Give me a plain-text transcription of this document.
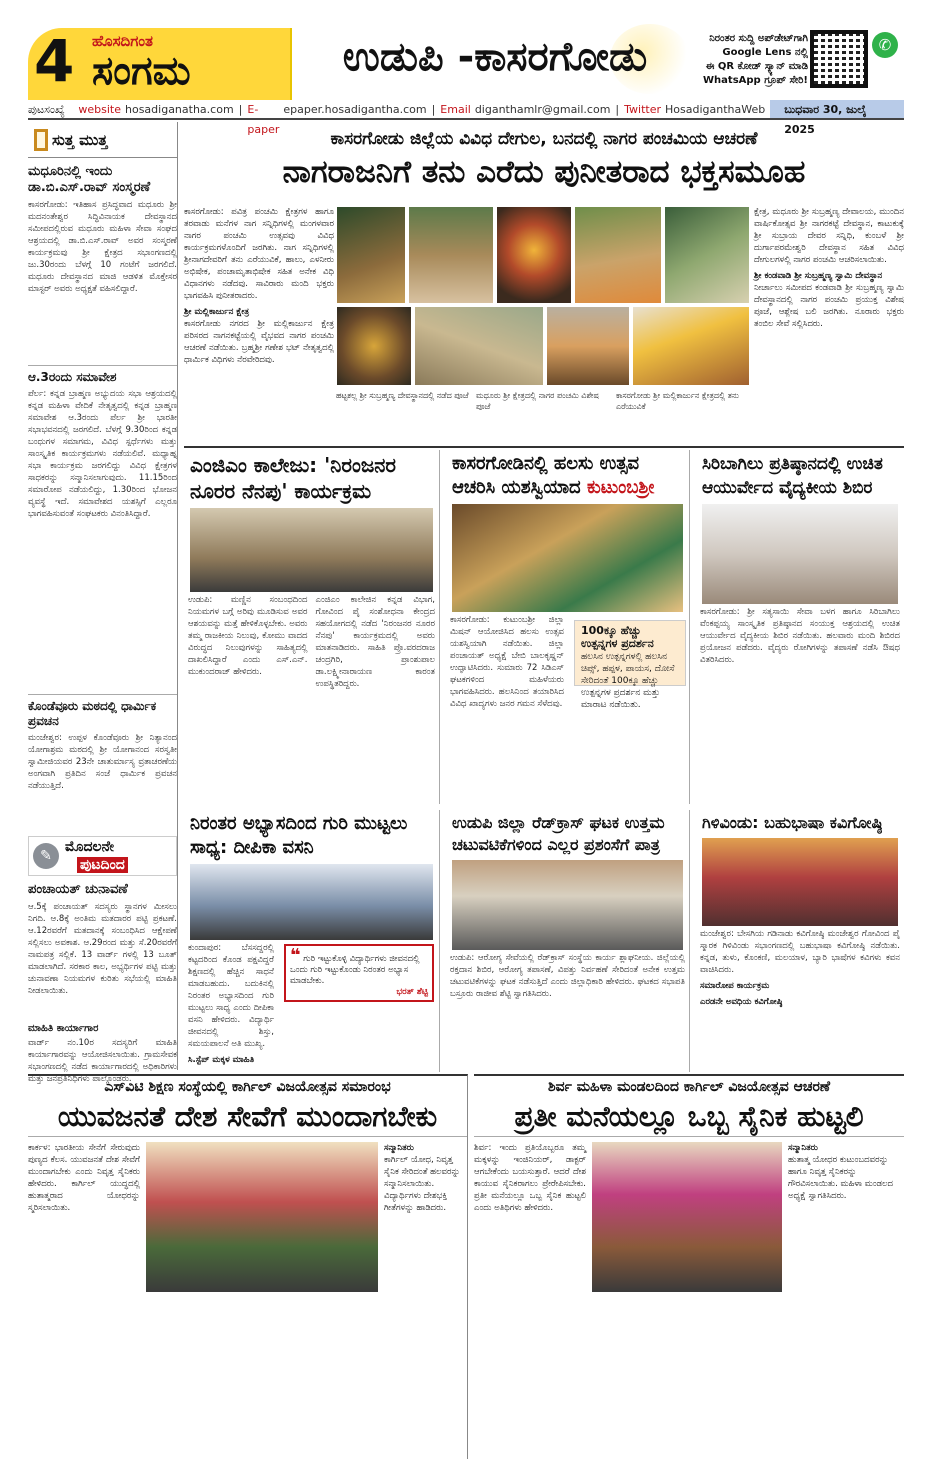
4 ಹೊಸದಿಗಂತ
ಸಂಗಮ	ಉಡುಪಿ -ಕಾಸರಗೋಡು	ನಿರಂತರ ಸುದ್ದಿ ಅಪ್‌ಡೇಟ್‌ಗಾಗಿ
Google Lens ನಲ್ಲಿ
ಈ QR ಕೋಡ್ ಸ್ಕ್ಯಾನ್ ಮಾಡಿ
WhatsApp ಗ್ರೂಪ್ ಸೇರಿ!
✆
ಪುಟಸಂಖ್ಯೆ	website hosadiganatha.com | E-paper
epaper.hosadigantha.com | Email diganthamlr@gmail.com | Twitter HosadiganthaWeb	ಬುಧವಾರ 30, ಜುಲೈ 2025
ಸುತ್ತ ಮುತ್ತ
ಮಧೂರಿನಲ್ಲಿ ಇಂದು ಡಾ.ಬಿ.ಎಸ್.ರಾವ್ ಸಂಸ್ಮರಣೆ
ಕಾಸರಗೋಡು: ಇತಿಹಾಸ ಪ್ರಸಿದ್ಧವಾದ ಮಧೂರು ಶ್ರೀ ಮದನಂತೇಶ್ವರ ಸಿದ್ಧಿವಿನಾಯಕ ದೇವಸ್ಥಾನದ ಸಮೀಪದಲ್ಲಿರುವ ಮಧೂರು ಮಹಿಳಾ ಸೇವಾ ಸಂಘದ ಆಶ್ರಯದಲ್ಲಿ ಡಾ.ಬಿ.ಎಸ್.ರಾವ್ ಅವರ ಸಂಸ್ಮರಣೆ ಕಾರ್ಯಕ್ರಮವು ಶ್ರೀ ಕ್ಷೇತ್ರದ ಸಭಾಂಗಣದಲ್ಲಿ ಜು.30ರಂದು ಬೆಳಗ್ಗೆ 10 ಗಂಟೆಗೆ ಜರಗಲಿದೆ. ಮಧೂರು ದೇವಸ್ಥಾನದ ಮಾಜಿ ಆಡಳಿತ ಮೊಕ್ತೇಸರ ಮಾಸ್ಟರ್ ಅವರು ಅಧ್ಯಕ್ಷತೆ ವಹಿಸಲಿದ್ದಾರೆ.
ಆ.3ರಂದು ಸಮಾವೇಶ
ಪೆರ್ಲ: ಕನ್ನಡ ಬ್ರಾಹ್ಮಣ ಅಭ್ಯುದಯ ಸಭಾ ಆಶ್ರಯದಲ್ಲಿ ಕನ್ನಡ ಮಹಿಳಾ ವೇದಿಕೆ ನೇತೃತ್ವದಲ್ಲಿ ಕನ್ನಡ ಬ್ರಾಹ್ಮಣ ಸಮಾವೇಶ ಆ.3ರಂದು ಪೆರ್ಲ ಶ್ರೀ ಭಾರತೀ ಸಭಾಭವನದಲ್ಲಿ ಜರಗಲಿದೆ. ಬೆಳಗ್ಗೆ 9.30ರಿಂದ ಕನ್ನಡ ಬಂಧುಗಳ ಸಮಾಗಮ, ವಿವಿಧ ಸ್ಪರ್ಧೆಗಳು ಮತ್ತು ಸಾಂಸ್ಕೃತಿಕ ಕಾರ್ಯಕ್ರಮಗಳು ನಡೆಯಲಿವೆ. ಮಧ್ಯಾಹ್ನ ಸಭಾ ಕಾರ್ಯಕ್ರಮ ಜರಗಲಿದ್ದು ವಿವಿಧ ಕ್ಷೇತ್ರಗಳ ಸಾಧಕರನ್ನು ಸನ್ಮಾನಿಸಲಾಗುವುದು. 11.15ರಿಂದ ಸಮಾರೋಪ ನಡೆಯಲಿದ್ದು, 1.30ರಿಂದ ಭೋಜನ ವ್ಯವಸ್ಥೆ ಇದೆ. ಸಮಾವೇಶದ ಯಶಸ್ಸಿಗೆ ಎಲ್ಲರೂ ಭಾಗವಹಿಸುವಂತೆ ಸಂಘಟಕರು ವಿನಂತಿಸಿದ್ದಾರೆ.
ಕೊಂಡೆವೂರು ಮಠದಲ್ಲಿ ಧಾರ್ಮಿಕ ಪ್ರವಚನ
ಮಂಜೇಶ್ವರ: ಉಪ್ಪಳ ಕೊಂಡೆವೂರು ಶ್ರೀ ನಿತ್ಯಾನಂದ ಯೋಗಾಶ್ರಮ ಮಠದಲ್ಲಿ ಶ್ರೀ ಯೋಗಾನಂದ ಸರಸ್ವತೀ ಸ್ವಾಮೀಜಿಯವರ 23ನೇ ಚಾತುರ್ಮಾಸ್ಯ ವ್ರತಾಚರಣೆಯ ಅಂಗವಾಗಿ ಪ್ರತಿದಿನ ಸಂಜೆ ಧಾರ್ಮಿಕ ಪ್ರವಚನ ನಡೆಯುತ್ತಿದೆ.
✎
ಮೊದಲನೇ
ಪುಟದಿಂದ
ಪಂಚಾಯತ್ ಚುನಾವಣೆ
ಆ.5ಕ್ಕೆ ಪಂಚಾಯತ್ ಸದಸ್ಯರು ಸ್ಥಾನಗಳ ಮೀಸಲು ನಿಗದಿ. ಆ.8ಕ್ಕೆ ಅಂತಿಮ ಮತದಾರರ ಪಟ್ಟಿ ಪ್ರಕಟಣೆ. ಆ.12ರವರೆಗೆ ಮತದಾನಕ್ಕೆ ಸಂಬಂಧಿಸಿದ ಆಕ್ಷೇಪಣೆ ಸಲ್ಲಿಸಲು ಅವಕಾಶ. ಆ.29ರಂದ ಮತ್ತು ಸೆ.20ರವರೆಗೆ ನಾಮಪತ್ರ ಸಲ್ಲಿಕೆ. 13 ವಾರ್ಡ್ ಗಳಲ್ಲಿ 13 ಬೂತ್ ಮಾಡಲಾಗಿದೆ. ಸರಕಾರ ಕಾಲ, ಅಭ್ಯರ್ಥಿಗಳ ಪಟ್ಟಿ ಮತ್ತು ಚುನಾವಣಾ ನಿಯಮಗಳ ಕುರಿತು ಸಭೆಯಲ್ಲಿ ಮಾಹಿತಿ ನೀಡಲಾಯಿತು.
ಮಾಹಿತಿ ಕಾರ್ಯಾಗಾರ
ವಾರ್ಡ್ ನಂ.10ರ ಸದಸ್ಯರಿಗೆ ಮಾಹಿತಿ ಕಾರ್ಯಾಗಾರವನ್ನು ಆಯೋಜಿಸಲಾಯಿತು. ಗ್ರಾಮಸೇವಕ ಸಭಾಂಗಣದಲ್ಲಿ ನಡೆದ ಕಾರ್ಯಾಗಾರದಲ್ಲಿ ಅಧಿಕಾರಿಗಳು ಮತ್ತು ಜನಪ್ರತಿನಿಧಿಗಳು ಪಾಲ್ಗೊಂಡರು.
ಕಾಸರಗೋಡು ಜಿಲ್ಲೆಯ ವಿವಿಧ ದೇಗುಲ, ಬನದಲ್ಲಿ ನಾಗರ ಪಂಚಮಿಯ ಆಚರಣೆ
ನಾಗರಾಜನಿಗೆ ತನು ಎರೆದು ಪುನೀತರಾದ ಭಕ್ತಸಮೂಹ
ಕಾಸರಗೋಡು: ಪವಿತ್ರ ಪಂಚಮಿ ಕ್ಷೇತ್ರಗಳ ಹಾಗೂ ತರವಾಡು ಮನೆಗಳ ನಾಗ ಸನ್ನಿಧಿಗಳಲ್ಲಿ ಮಂಗಳವಾರ ನಾಗರ ಪಂಚಮಿ ಉತ್ಸವವು ವಿವಿಧ ಕಾರ್ಯಕ್ರಮಗಳೊಂದಿಗೆ ಜರಗಿತು. ನಾಗ ಸನ್ನಿಧಿಗಳಲ್ಲಿ ಶ್ರೀನಾಗದೇವರಿಗೆ ತನು ಎರೆಯುವಿಕೆ, ಹಾಲು, ಎಳನೀರು ಅಭಿಷೇಕ, ಪಂಚಾಮೃತಾಭಿಷೇಕ ಸಹಿತ ಅನೇಕ ವಿಧಿ ವಿಧಾನಗಳು ನಡೆದವು. ಸಾವಿರಾರು ಮಂದಿ ಭಕ್ತರು ಭಾಗವಹಿಸಿ ಪುನೀತರಾದರು.
ಶ್ರೀ ಮಲ್ಲಿಕಾರ್ಜುನ ಕ್ಷೇತ್ರ
ಕಾಸರಗೋಡು ನಗರದ ಶ್ರೀ ಮಲ್ಲಿಕಾರ್ಜುನ ಕ್ಷೇತ್ರ ಪರಿಸರದ ನಾಗನಕಟ್ಟೆಯಲ್ಲಿ ವೈಭವದ ನಾಗರ ಪಂಚಮಿ ಆಚರಣೆ ನಡೆಯಿತು. ಬ್ರಹ್ಮಶ್ರೀ ಗಣೇಶ ಭಟ್ ನೇತೃತ್ವದಲ್ಲಿ ಧಾರ್ಮಿಕ ವಿಧಿಗಳು ನೆರವೇರಿದವು.
ಹಟ್ಟಕಲ್ಲ ಶ್ರೀ ಸುಬ್ರಹ್ಮಣ್ಯ ದೇವಸ್ಥಾನದಲ್ಲಿ ನಡೆದ ಪೂಜೆ ಮಧೂರು ಶ್ರೀ ಕ್ಷೇತ್ರದಲ್ಲಿ ನಾಗರ ಪಂಚಮಿ ವಿಶೇಷ ಪೂಜೆ
ಕಾಸರಗೋಡು ಶ್ರೀ ಮಲ್ಲಿಕಾರ್ಜುನ ಕ್ಷೇತ್ರದಲ್ಲಿ ತನು ಎರೆಯುವಿಕೆ
ಕ್ಷೇತ್ರ, ಮಧೂರು ಶ್ರೀ ಸುಬ್ರಹ್ಮಣ್ಯ ದೇವಾಲಯ, ಮುಂದಿನ ವಾರ್ಷಿಕೋತ್ಸವ ಶ್ರೀ ನಾಗರಕಟ್ಟೆ ದೇವಸ್ಥಾನ, ಕಾಟುಕುಕ್ಕೆ ಶ್ರೀ ಸುಬ್ರಾಯ ದೇವರ ಸನ್ನಿಧಿ, ಕುಂಬಳೆ ಶ್ರೀ ದುರ್ಗಾಪರಮೇಶ್ವರಿ ದೇವಸ್ಥಾನ ಸಹಿತ ವಿವಿಧ ದೇಗುಲಗಳಲ್ಲಿ ನಾಗರ ಪಂಚಮಿ ಆಚರಿಸಲಾಯಿತು.
ಶ್ರೀ ಕಂಡವಾಡಿ ಶ್ರೀ ಸುಬ್ರಹ್ಮಣ್ಯ ಸ್ವಾಮಿ ದೇವಸ್ಥಾನ
ನೀರ್ಚಾಲು ಸಮೀಪದ ಕಂಡವಾಡಿ ಶ್ರೀ ಸುಬ್ರಹ್ಮಣ್ಯ ಸ್ವಾಮಿ ದೇವಸ್ಥಾನದಲ್ಲಿ ನಾಗರ ಪಂಚಮಿ ಪ್ರಯುಕ್ತ ವಿಶೇಷ ಪೂಜೆ, ಆಶ್ಲೇಷ ಬಲಿ ಜರಗಿತು. ನೂರಾರು ಭಕ್ತರು ತಂಬಿಲ ಸೇವೆ ಸಲ್ಲಿಸಿದರು.
ಎಂಜಿಎಂ ಕಾಲೇಜು: 'ನಿರಂಜನರ ನೂರರ ನೆನಪು' ಕಾರ್ಯಕ್ರಮ
ಉಡುಪಿ: ಮಣ್ಣಿನ ಸಂಬಂಧದಿಂದ ನಿಯಮಗಳ ಬಗ್ಗೆ ಅರಿವು ಮೂಡಿಸುವ ಅವರ ಆಶಯವನ್ನು ಮತ್ತೆ ಹೇಳಿಕೊಳ್ಳಬೇಕು. ಅವರು ತಮ್ಮ ರಾಜಕೀಯ ನಿಲುವು, ಕೋಮು ವಾದದ ವಿರುದ್ಧದ ನಿಲುವುಗಳನ್ನು ಸಾಹಿತ್ಯದಲ್ಲಿ ದಾಖಲಿಸಿದ್ದಾರೆ ಎಂದು ಎಸ್.ಎನ್. ಮುಕುಂದರಾಜ್ ಹೇಳಿದರು.
ಎಂಜಿಎಂ ಕಾಲೇಜಿನ ಕನ್ನಡ ವಿಭಾಗ, ಗೋವಿಂದ ಪೈ ಸಂಶೋಧನಾ ಕೇಂದ್ರದ ಸಹಯೋಗದಲ್ಲಿ ನಡೆದ 'ನಿರಂಜನರ ನೂರರ ನೆನಪು' ಕಾರ್ಯಕ್ರಮದಲ್ಲಿ ಅವರು ಮಾತನಾಡಿದರು. ಸಾಹಿತಿ ಪ್ರೊ.ವರದರಾಜ ಚಂದ್ರಗಿರಿ, ಪ್ರಾಂಶುಪಾಲ ಡಾ.ಲಕ್ಷ್ಮೀನಾರಾಯಣ ಕಾರಂತ ಉಪಸ್ಥಿತರಿದ್ದರು.
ಕಾಸರಗೋಡಿನಲ್ಲಿ ಹಲಸು ಉತ್ಸವ
ಆಚರಿಸಿ ಯಶಸ್ವಿಯಾದ ಕುಟುಂಬಶ್ರೀ
100ಕ್ಕೂ ಹೆಚ್ಚು ಉತ್ಪನ್ನಗಳ ಪ್ರದರ್ಶನ
ಹಲಸಿನ ಉತ್ಪನ್ನಗಳಲ್ಲಿ ಹಲಸಿನ ಚಿಪ್ಸ್, ಹಪ್ಪಳ, ಪಾಯಸ, ದೋಸೆ ಸೇರಿದಂತೆ 100ಕ್ಕೂ ಹೆಚ್ಚು ಉತ್ಪನ್ನಗಳ ಪ್ರದರ್ಶನ ಮತ್ತು ಮಾರಾಟ ನಡೆಯಿತು.
ಕಾಸರಗೋಡು: ಕುಟುಂಬಶ್ರೀ ಜಿಲ್ಲಾ ಮಿಷನ್ ಆಯೋಜಿಸಿದ ಹಲಸು ಉತ್ಸವ ಯಶಸ್ವಿಯಾಗಿ ನಡೆಯಿತು. ಜಿಲ್ಲಾ ಪಂಚಾಯತ್ ಅಧ್ಯಕ್ಷೆ ಬೇಬಿ ಬಾಲಕೃಷ್ಣನ್ ಉದ್ಘಾಟಿಸಿದರು. ಸುಮಾರು 72 ಸಿಡಿಎಸ್ ಘಟಕಗಳಿಂದ ಮಹಿಳೆಯರು ಭಾಗವಹಿಸಿದರು. ಹಲಸಿನಿಂದ ತಯಾರಿಸಿದ ವಿವಿಧ ಖಾದ್ಯಗಳು ಜನರ ಗಮನ ಸೆಳೆದವು.
ಸಿರಿಬಾಗಿಲು ಪ್ರತಿಷ್ಠಾನದಲ್ಲಿ ಉಚಿತ ಆಯುರ್ವೇದ ವೈದ್ಯಕೀಯ ಶಿಬಿರ
ಕಾಸರಗೋಡು: ಶ್ರೀ ಸತ್ಯಸಾಯಿ ಸೇವಾ ಬಳಗ ಹಾಗೂ ಸಿರಿಬಾಗಿಲು ವೆಂಕಪ್ಪಯ್ಯ ಸಾಂಸ್ಕೃತಿಕ ಪ್ರತಿಷ್ಠಾನದ ಸಂಯುಕ್ತ ಆಶ್ರಯದಲ್ಲಿ ಉಚಿತ ಆಯುರ್ವೇದ ವೈದ್ಯಕೀಯ ಶಿಬಿರ ನಡೆಯಿತು. ಹಲವಾರು ಮಂದಿ ಶಿಬಿರದ ಪ್ರಯೋಜನ ಪಡೆದರು. ವೈದ್ಯರು ರೋಗಿಗಳನ್ನು ತಪಾಸಣೆ ನಡೆಸಿ ಔಷಧ ವಿತರಿಸಿದರು.
ನಿರಂತರ ಅಭ್ಯಾಸದಿಂದ ಗುರಿ ಮುಟ್ಟಲು ಸಾಧ್ಯ: ದೀಪಿಕಾ ವಸನಿ
❝ ಗುರಿ ಇಟ್ಟುಕೊಳ್ಳಿ ವಿದ್ಯಾರ್ಥಿಗಳು ಜೀವನದಲ್ಲಿ ಒಂದು ಗುರಿ ಇಟ್ಟುಕೊಂಡು ನಿರಂತರ ಅಭ್ಯಾಸ ಮಾಡಬೇಕು.
ಭರತ್ ಶೆಟ್ಟಿ
ಕುಂದಾಪುರ: ಬೆಸಸದ್ದರಲ್ಲಿ ಕಟ್ಟದರಿಂದ ಕೊಂಡ ಪಕ್ಷವಿದ್ದರೆ ಶಿಕ್ಷಣದಲ್ಲಿ ಹೆಚ್ಚಿನ ಸಾಧನೆ ಮಾಡಬಹುದು. ಬದುಕಿನಲ್ಲಿ ನಿರಂತರ ಅಭ್ಯಾಸದಿಂದ ಗುರಿ ಮುಟ್ಟಲು ಸಾಧ್ಯ ಎಂದು ದೀಪಿಕಾ ವಸನಿ ಹೇಳಿದರು. ವಿದ್ಯಾರ್ಥಿ ಜೀವನದಲ್ಲಿ ಶಿಸ್ತು, ಸಮಯಪಾಲನೆ ಅತಿ ಮುಖ್ಯ.
ಸಿ.ಸ್ಟೆಪ್ ಮಕ್ಕಳ ಮಾಹಿತಿ
ಉಡುಪಿ ಜಿಲ್ಲಾ ರೆಡ್‌ಕ್ರಾಸ್ ಘಟಕ ಉತ್ತಮ ಚಟುವಟಿಕೆಗಳಿಂದ ಎಲ್ಲರ ಪ್ರಶಂಸೆಗೆ ಪಾತ್ರ
ಉಡುಪಿ: ಆರೋಗ್ಯ ಸೇವೆಯಲ್ಲಿ ರೆಡ್‌ಕ್ರಾಸ್ ಸಂಸ್ಥೆಯ ಕಾರ್ಯ ಶ್ಲಾಘನೀಯ. ಜಿಲ್ಲೆಯಲ್ಲಿ ರಕ್ತದಾನ ಶಿಬಿರ, ಆರೋಗ್ಯ ತಪಾಸಣೆ, ವಿಪತ್ತು ನಿರ್ವಹಣೆ ಸೇರಿದಂತೆ ಅನೇಕ ಉತ್ತಮ ಚಟುವಟಿಕೆಗಳನ್ನು ಘಟಕ ನಡೆಸುತ್ತಿದೆ ಎಂದು ಜಿಲ್ಲಾಧಿಕಾರಿ ಹೇಳಿದರು. ಘಟಕದ ಸಭಾಪತಿ ಬಸ್ರೂರು ರಾಜೀವ ಶೆಟ್ಟಿ ಸ್ವಾಗತಿಸಿದರು.
ಗಿಳಿವಿಂಡು: ಬಹುಭಾಷಾ ಕವಿಗೋಷ್ಠಿ
ಮಂಜೇಶ್ವರ: ಬೇಸಗಿಯ ಗಡಿನಾಡು ಕವಿಗೋಷ್ಠಿ ಮಂಜೇಶ್ವರ ಗೋವಿಂದ ಪೈ ಸ್ಮಾರಕ ಗಿಳಿವಿಂಡು ಸಭಾಂಗಣದಲ್ಲಿ ಬಹುಭಾಷಾ ಕವಿಗೋಷ್ಠಿ ನಡೆಯಿತು. ಕನ್ನಡ, ತುಳು, ಕೊಂಕಣಿ, ಮಲಯಾಳ, ಬ್ಯಾರಿ ಭಾಷೆಗಳ ಕವಿಗಳು ಕವನ ವಾಚಿಸಿದರು.
ಸಮಾರೋಪ ಕಾರ್ಯಕ್ರಮ
ಎರಡನೇ ಅವಧಿಯ ಕವಿಗೋಷ್ಠಿ
ಎಸ್‌ವಿಟಿ ಶಿಕ್ಷಣ ಸಂಸ್ಥೆಯಲ್ಲಿ ಕಾರ್ಗಿಲ್ ವಿಜಯೋತ್ಸವ ಸಮಾರಂಭ
ಯುವಜನತೆ ದೇಶ ಸೇವೆಗೆ ಮುಂದಾಗಬೇಕು
ಕಾರ್ಕಳ: ಭಾರತೀಯ ಸೇನೆಗೆ ಸೇರುವುದು ಪುಣ್ಯದ ಕೆಲಸ. ಯುವಜನತೆ ದೇಶ ಸೇವೆಗೆ ಮುಂದಾಗಬೇಕು ಎಂದು ನಿವೃತ್ತ ಸೈನಿಕರು ಹೇಳಿದರು. ಕಾರ್ಗಿಲ್ ಯುದ್ಧದಲ್ಲಿ ಹುತಾತ್ಮರಾದ ಯೋಧರನ್ನು ಸ್ಮರಿಸಲಾಯಿತು.
ಸನ್ಮಾನಿತರು
ಕಾರ್ಗಿಲ್ ಯೋಧ, ನಿವೃತ್ತ ಸೈನಿಕ ಸೇರಿದಂತೆ ಹಲವರನ್ನು ಸನ್ಮಾನಿಸಲಾಯಿತು. ವಿದ್ಯಾರ್ಥಿಗಳು ದೇಶಭಕ್ತಿ ಗೀತೆಗಳನ್ನು ಹಾಡಿದರು.
ಶಿರ್ವ ಮಹಿಳಾ ಮಂಡಲದಿಂದ ಕಾರ್ಗಿಲ್ ವಿಜಯೋತ್ಸವ ಆಚರಣೆ
ಪ್ರತೀ ಮನೆಯಲ್ಲೂ ಒಬ್ಬ ಸೈನಿಕ ಹುಟ್ಟಲಿ
ಶಿರ್ವ: ಇಂದು ಪ್ರತಿಯೊಬ್ಬರೂ ತಮ್ಮ ಮಕ್ಕಳನ್ನು ಇಂಜಿನಿಯರ್, ಡಾಕ್ಟರ್ ಆಗಬೇಕೆಂದು ಬಯಸುತ್ತಾರೆ. ಆದರೆ ದೇಶ ಕಾಯುವ ಸೈನಿಕರಾಗಲು ಪ್ರೇರೇಪಿಸಬೇಕು. ಪ್ರತೀ ಮನೆಯಲ್ಲೂ ಒಬ್ಬ ಸೈನಿಕ ಹುಟ್ಟಲಿ ಎಂದು ಅತಿಥಿಗಳು ಹೇಳಿದರು.
ಸನ್ಮಾನಿತರು
ಹುತಾತ್ಮ ಯೋಧರ ಕುಟುಂಬದವರನ್ನು ಹಾಗೂ ನಿವೃತ್ತ ಸೈನಿಕರನ್ನು ಗೌರವಿಸಲಾಯಿತು. ಮಹಿಳಾ ಮಂಡಲದ ಅಧ್ಯಕ್ಷೆ ಸ್ವಾಗತಿಸಿದರು.
